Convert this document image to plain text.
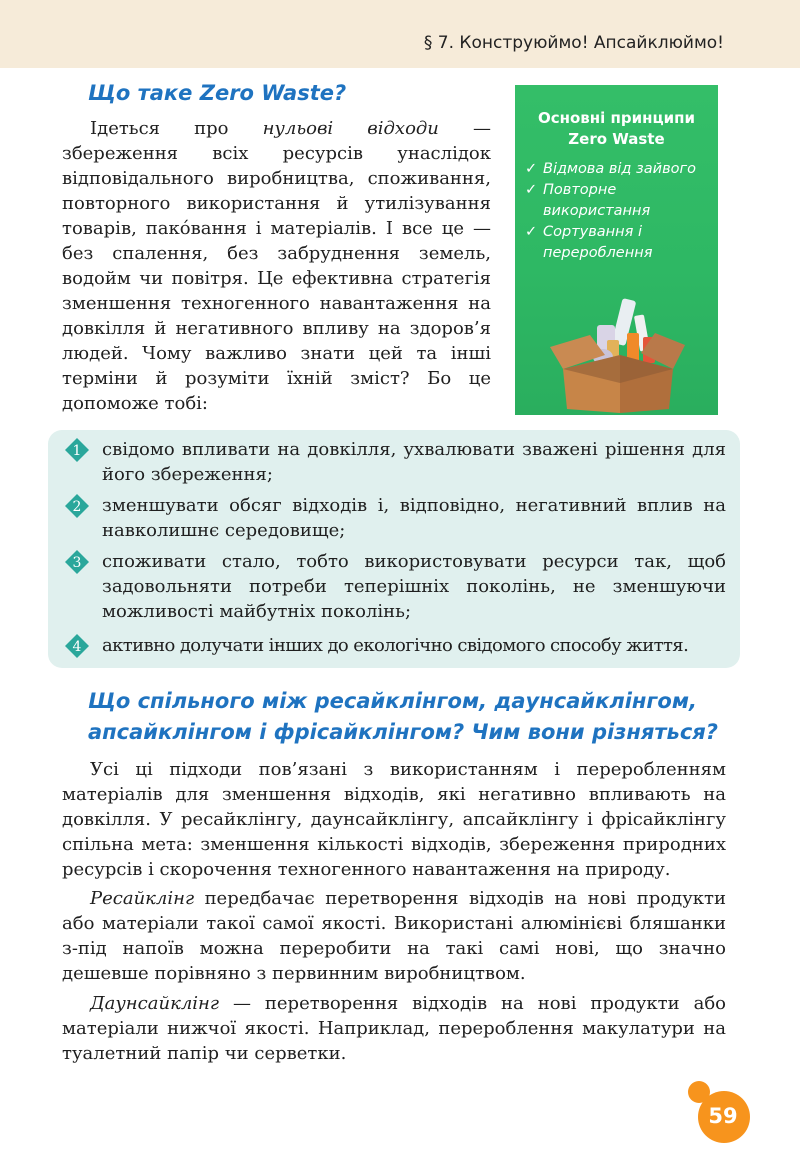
§ 7. Конструюймо! Апсайклюймо!
Що таке Zero Waste?

Ідеться про нульові відходи — збереження всіх ресурсів унаслідок відповідального виробництва, споживання, повторного використання й утилізування товарів, пако́вання і матеріалів. І все це — без спалення, без забруднення земель, водойм чи повітря. Це ефективна стратегія зменшення техногенного навантаження на довкілля й негативного впливу на здоров’я людей. Чому важливо знати цей та інші терміни й розуміти їхній зміст? Бо це допоможе тобі:

Основні принципи
Zero Waste
✓ Відмова від зайвого
✓ Повторне використання
✓ Сортування і перероблення
1 свідомо впливати на довкілля, ухвалювати зважені рішення для його збереження;
2 зменшувати обсяг відходів і, відповідно, негативний вплив на навколишнє середовище;
3 споживати стало, тобто використовувати ресурси так, щоб задовольняти потреби теперішніх поколінь, не зменшуючи можливості майбутніх поколінь;
4 активно долучати інших до екологічно свідомого способу життя.
Що спільного між ресайклінгом, даунсайклінгом,
апсайклінгом і фрісайклінгом? Чим вони різняться?

Усі ці підходи пов’язані з використанням і переробленням матеріалів для зменшення відходів, які негативно впливають на довкілля. У ресайклінгу, даунсайклінгу, апсайклінгу і фрісайклінгу спільна мета: зменшення кількості відходів, збереження природних ресурсів і скорочення техногенного навантаження на природу.

Ресайклінг передбачає перетворення відходів на нові продукти або матеріали такої самої якості. Використані алюмінієві бляшанки з-під напоїв можна переробити на такі самі нові, що значно дешевше порівняно з первинним виробництвом.

Даунсайклінг — перетворення відходів на нові продукти або матеріали нижчої якості. Наприклад, перероблення макулатури на туалетний папір чи серветки.

59
